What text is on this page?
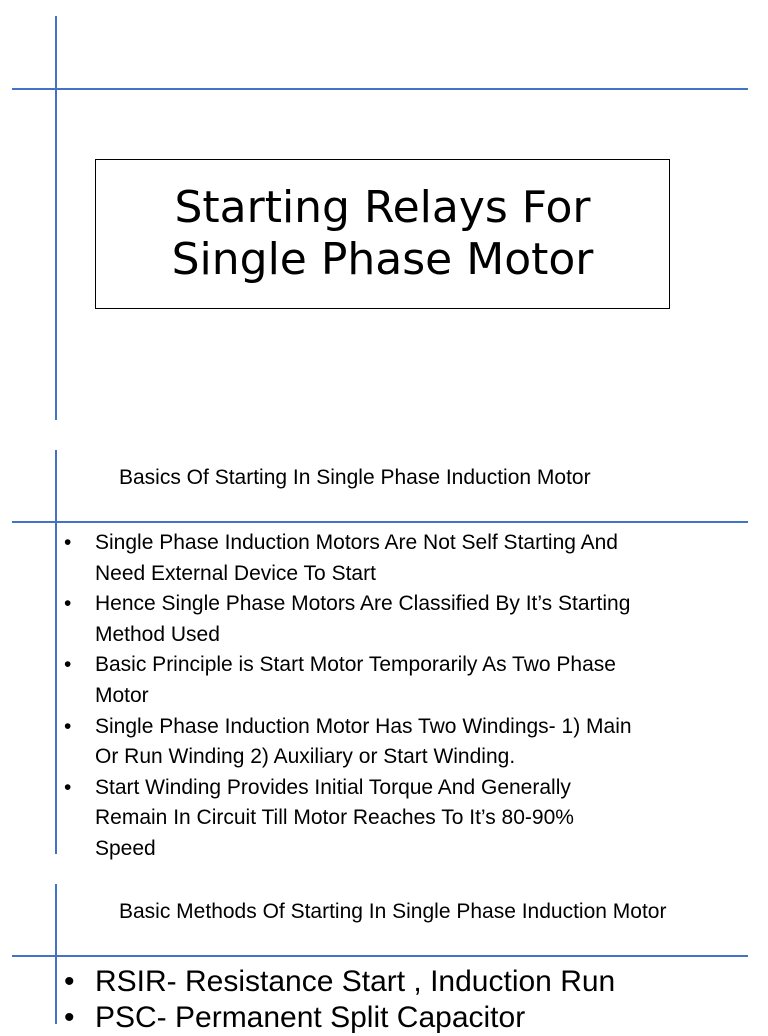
Starting Relays For
Single Phase Motor
Basics Of Starting In Single Phase Induction Motor
• Single Phase Induction Motors Are Not Self Starting And Need External Device To Start
• Hence Single Phase Motors Are Classified By It’s Starting Method Used
• Basic Principle is Start Motor Temporarily As Two Phase Motor
• Single Phase Induction Motor Has Two Windings- 1) Main Or Run Winding 2) Auxiliary or Start Winding.
• Start Winding Provides Initial Torque And Generally Remain In Circuit Till Motor Reaches To It’s 80-90% Speed
Basic Methods Of Starting In Single Phase Induction Motor
• RSIR- Resistance Start , Induction Run
• PSC- Permanent Split Capacitor
